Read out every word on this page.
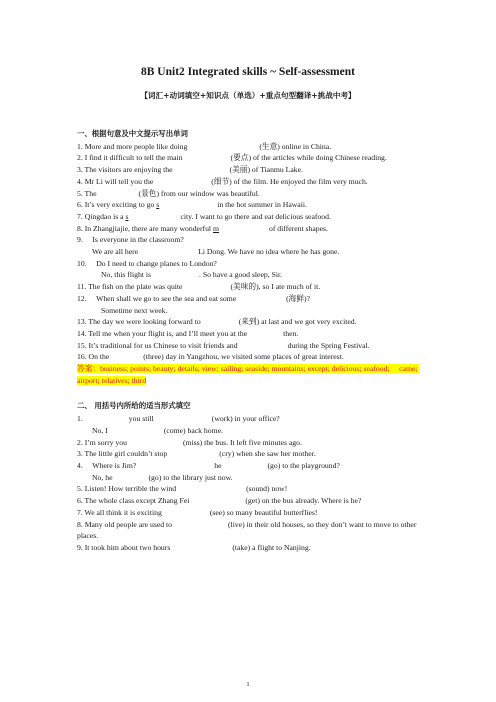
8B Unit2 Integrated skills ~ Self-assessment
【词汇+动词填空+知识点（单选）+重点句型翻译+挑战中考】
一、根据句意及中文提示写出单词
1. More and more people like doing	(生意) online in China.
2. I find it difficult to tell the main	(要点) of the articles while doing Chinese reading.
3. The visitors are enjoying the	(美丽) of Tianmu Lake.
4. Mr Li will tell you the	(细节) of the film. He enjoyed the film very much.
5. The	(景色) from our window was beautiful.
6. It’s very exciting to go s	in the hot summer in Hawaii.
7. Qingdao is a s	city. I want to go there and eat delicious seafood.
8. In Zhangjiajie, there are many wonderful m	of different shapes.
9.     Is everyone in the classroom?
We are all here	Li Dong. We have no idea where he has gone.
10.     Do I need to change planes to London?
No, this flight is	. So have a good sleep, Sir.
11. The fish on the plate was quite	(美味的), so I ate much of it.
12.     When shall we go to see the sea and eat some	(海鲜)?
Sometime next week.
13. The day we were looking forward to	(来到) at last and we got very excited.
14. Tell me when your flight is, and I’ll meet you at the	then.
15. It’s traditional for us Chinese to visit friends and	during the Spring Festival.
16. On the	(three) day in Yangzhou, we visited some places of great interest.
答案：business; points; beauty; details; view; sailing; seaside; mountains; except; delicious; seafood;     came; airport; relatives; third
二、 用括号内所给的适当形式填空
1.	you still	(work) in your office?
No, I	(come) back home.
2. I’m sorry you	(miss) the bus. It left five minutes ago.
3. The little girl couldn’t stop	(cry) when she saw her mother.
4.     Where is Jim?	he	(go) to the playground?
No, he	(go) to the library just now.
5. Listen! How terrible the wind	(sound) now!
6. The whole class except Zhang Fei	(get) on the bus already. Where is he?
7. We all think it is exciting	(see) so many beautiful butterflies!
8. Many old people are used to	(live) in their old houses, so they don’t want to move to other places.
9. It took him about two hours	(take) a flight to Nanjing.
1
